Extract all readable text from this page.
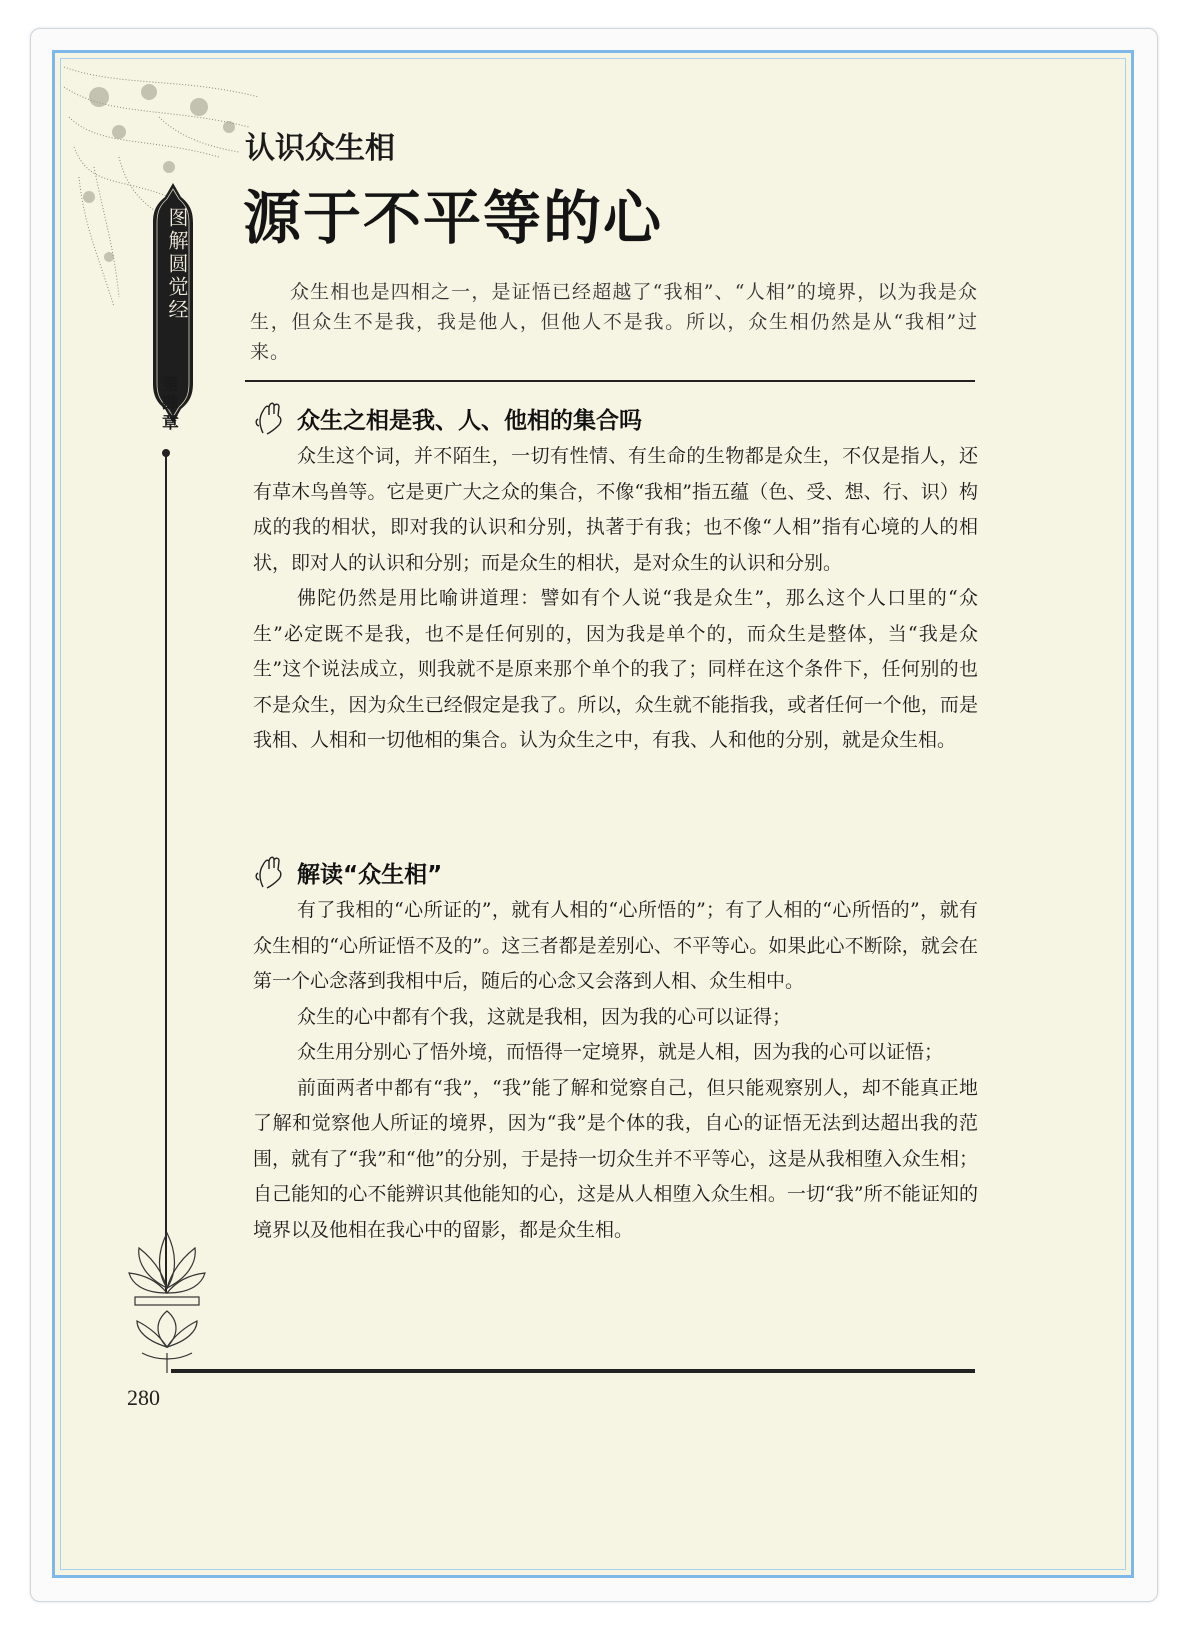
图解圆觉经
第肆章
认识众生相
源于不平等的心
众生相也是四相之一，是证悟已经超越了“我相”、“人相”的境界，以为我是众生，但众生不是我，我是他人，但他人不是我。所以，众生相仍然是从“我相”过来。
众生之相是我、人、他相的集合吗

众生这个词，并不陌生，一切有性情、有生命的生物都是众生，不仅是指人，还有草木鸟兽等。它是更广大之众的集合，不像“我相”指五蕴（色、受、想、行、识）构成的我的相状，即对我的认识和分别，执著于有我；也不像“人相”指有心境的人的相状，即对人的认识和分别；而是众生的相状，是对众生的认识和分别。

佛陀仍然是用比喻讲道理：譬如有个人说“我是众生”，那么这个人口里的“众生”必定既不是我，也不是任何别的，因为我是单个的，而众生是整体，当“我是众生”这个说法成立，则我就不是原来那个单个的我了；同样在这个条件下，任何别的也不是众生，因为众生已经假定是我了。所以，众生就不能指我，或者任何一个他，而是我相、人相和一切他相的集合。认为众生之中，有我、人和他的分别，就是众生相。

解读“众生相”

有了我相的“心所证的”，就有人相的“心所悟的”；有了人相的“心所悟的”，就有众生相的“心所证悟不及的”。这三者都是差别心、不平等心。如果此心不断除，就会在第一个心念落到我相中后，随后的心念又会落到人相、众生相中。

众生的心中都有个我，这就是我相，因为我的心可以证得；

众生用分别心了悟外境，而悟得一定境界，就是人相，因为我的心可以证悟；

前面两者中都有“我”，“我”能了解和觉察自己，但只能观察别人，却不能真正地了解和觉察他人所证的境界，因为“我”是个体的我，自心的证悟无法到达超出我的范围，就有了“我”和“他”的分别，于是持一切众生并不平等心，这是从我相堕入众生相；自己能知的心不能辨识其他能知的心，这是从人相堕入众生相。一切“我”所不能证知的境界以及他相在我心中的留影，都是众生相。

280
